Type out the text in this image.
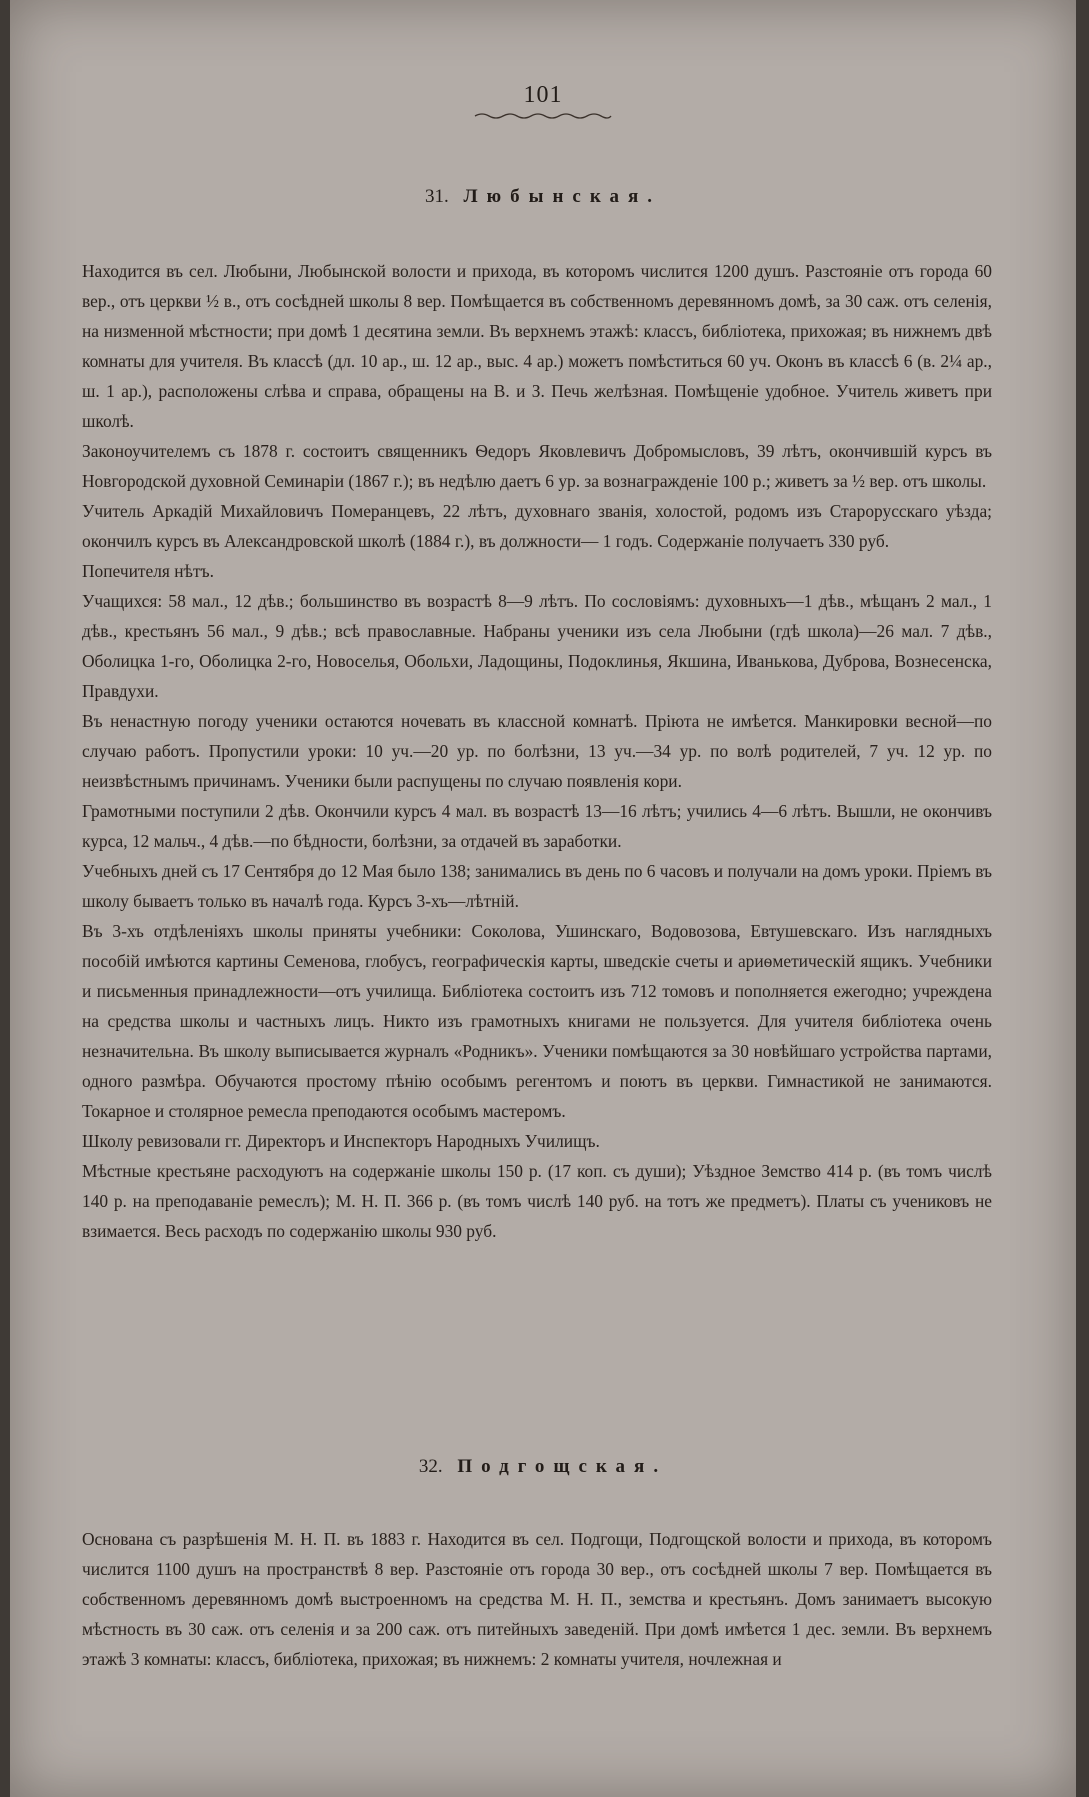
101
31. Любынская.

Находится въ сел. Любыни, Любынской волости и прихода, въ которомъ числится 1200 душъ. Разстояніе отъ города 60 вер., отъ церкви ½ в., отъ сосѣдней школы 8 вер. Помѣщается въ собственномъ деревянномъ домѣ, за 30 саж. отъ селенія, на низменной мѣстности; при домѣ 1 десятина земли. Въ верхнемъ этажѣ: классъ, библіотека, прихожая; въ нижнемъ двѣ комнаты для учителя. Въ классѣ (дл. 10 ар., ш. 12 ар., выс. 4 ар.) можетъ помѣститься 60 уч. Оконъ въ классѣ 6 (в. 2¼ ар., ш. 1 ар.), расположены слѣва и справа, обращены на В. и З. Печь желѣзная. Помѣщеніе удобное. Учитель живетъ при школѣ.

Законоучителемъ съ 1878 г. состоитъ священникъ Ѳедоръ Яковлевичъ Добромысловъ, 39 лѣтъ, окончившій курсъ въ Новгородской духовной Семинаріи (1867 г.); въ недѣлю даетъ 6 ур. за вознагражденіе 100 р.; живетъ за ½ вер. отъ школы.

Учитель Аркадій Михайловичъ Померанцевъ, 22 лѣтъ, духовнаго званія, холостой, родомъ изъ Старорусскаго уѣзда; окончилъ курсъ въ Александровской школѣ (1884 г.), въ должности— 1 годъ. Содержаніе получаетъ 330 руб.

Попечителя нѣтъ.

Учащихся: 58 мал., 12 дѣв.; большинство въ возрастѣ 8—9 лѣтъ. По сословіямъ: духовныхъ—1 дѣв., мѣщанъ 2 мал., 1 дѣв., крестьянъ 56 мал., 9 дѣв.; всѣ православные. Набраны ученики изъ села Любыни (гдѣ школа)—26 мал. 7 дѣв., Оболицка 1-го, Оболицка 2-го, Новоселья, Обольхи, Ладощины, Подоклинья, Якшина, Иванькова, Дуброва, Вознесенска, Правдухи.

Въ ненастную погоду ученики остаются ночевать въ классной комнатѣ. Пріюта не имѣется. Манкировки весной—по случаю работъ. Пропустили уроки: 10 уч.—20 ур. по болѣзни, 13 уч.—34 ур. по волѣ родителей, 7 уч. 12 ур. по неизвѣстнымъ причинамъ. Ученики были распущены по случаю появленія кори.

Грамотными поступили 2 дѣв. Окончили курсъ 4 мал. въ возрастѣ 13—16 лѣтъ; учились 4—6 лѣтъ. Вышли, не окончивъ курса, 12 мальч., 4 дѣв.—по бѣдности, болѣзни, за отдачей въ заработки.

Учебныхъ дней съ 17 Сентября до 12 Мая было 138; занимались въ день по 6 часовъ и получали на домъ уроки. Пріемъ въ школу бываетъ только въ началѣ года. Курсъ 3-хъ—лѣтній.

Въ 3-хъ отдѣленіяхъ школы приняты учебники: Соколова, Ушинскаго, Водовозова, Евтушевскаго. Изъ наглядныхъ пособій имѣются картины Семенова, глобусъ, географическія карты, шведскіе счеты и ариѳметическій ящикъ. Учебники и письменныя принадлежности—отъ училища. Библіотека состоитъ изъ 712 томовъ и пополняется ежегодно; учреждена на средства школы и частныхъ лицъ. Никто изъ грамотныхъ книгами не пользуется. Для учителя библіотека очень незначительна. Въ школу выписывается журналъ «Родникъ». Ученики помѣщаются за 30 новѣйшаго устройства партами, одного размѣра. Обучаются простому пѣнію особымъ регентомъ и поютъ въ церкви. Гимнастикой не занимаются. Токарное и столярное ремесла преподаются особымъ мастеромъ.

Школу ревизовали гг. Директоръ и Инспекторъ Народныхъ Училищъ.

Мѣстные крестьяне расходуютъ на содержаніе школы 150 р. (17 коп. съ души); Уѣздное Земство 414 р. (въ томъ числѣ 140 р. на преподаваніе ремеслъ); М. Н. П. 366 р. (въ томъ числѣ 140 руб. на тотъ же предметъ). Платы съ учениковъ не взимается. Весь расходъ по содержанію школы 930 руб.

32. Подгощская.

Основана съ разрѣшенія М. Н. П. въ 1883 г. Находится въ сел. Подгощи, Подгощской волости и прихода, въ которомъ числится 1100 душъ на пространствѣ 8 вер. Разстояніе отъ города 30 вер., отъ сосѣдней школы 7 вер. Помѣщается въ собственномъ деревянномъ домѣ выстроенномъ на средства М. Н. П., земства и крестьянъ. Домъ занимаетъ высокую мѣстность въ 30 саж. отъ селенія и за 200 саж. отъ питейныхъ заведеній. При домѣ имѣется 1 дес. земли. Въ верхнемъ этажѣ 3 комнаты: классъ, библіотека, прихожая; въ нижнемъ: 2 комнаты учителя, ночлежная и
